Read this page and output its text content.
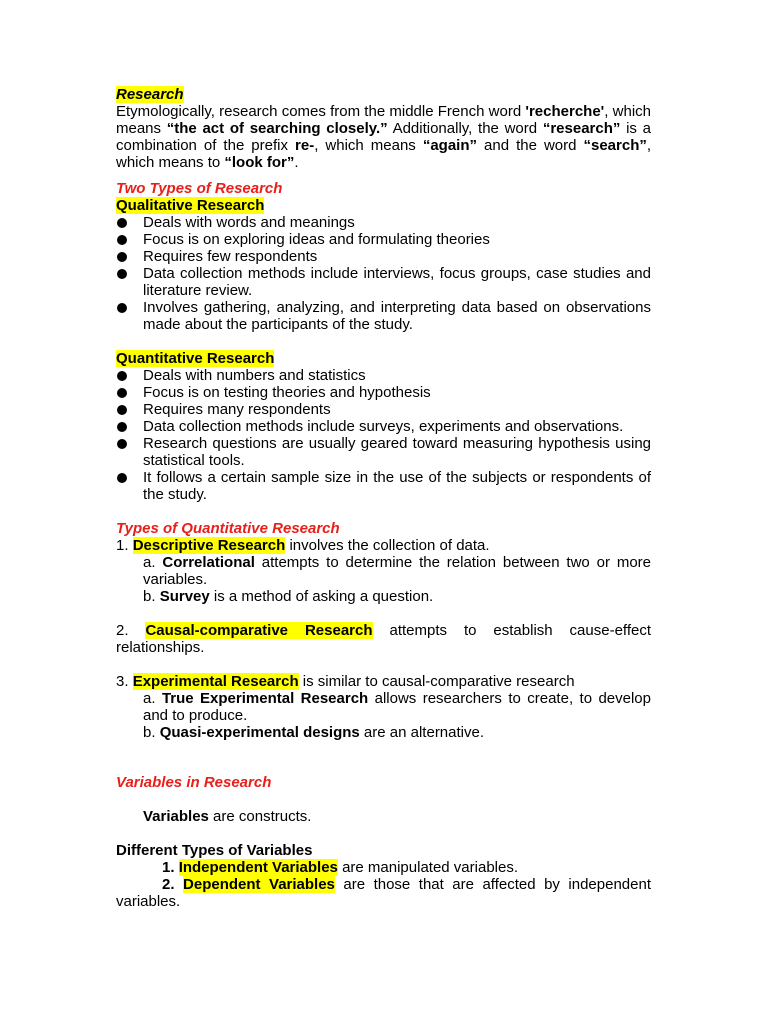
Research
Etymologically, research comes from the middle French word 'recherche', which means “the act of searching closely.” Additionally, the word “research” is a combination of the prefix re-, which means “again” and the word “search”, which means to “look for”.
Two Types of Research
Qualitative Research
Deals with words and meanings
Focus is on exploring ideas and formulating theories
Requires few respondents
Data collection methods include interviews, focus groups, case studies and literature review.
Involves gathering, analyzing, and interpreting data based on observations made about the participants of the study.
Quantitative Research
Deals with numbers and statistics
Focus is on testing theories and hypothesis
Requires many respondents
Data collection methods include surveys, experiments and observations.
Research questions are usually geared toward measuring hypothesis using statistical tools.
It follows a certain sample size in the use of the subjects or respondents of the study.
Types of Quantitative Research
1. Descriptive Research involves the collection of data.
a. Correlational attempts to determine the relation between two or more variables.
b. Survey is a method of asking a question.
2. Causal-comparative Research attempts to establish cause-effect relationships.
3. Experimental Research is similar to causal-comparative research
a. True Experimental Research allows researchers to create, to develop and to produce.
b. Quasi-experimental designs are an alternative.
Variables in Research
Variables are constructs.
Different Types of Variables
1. Independent Variables are manipulated variables.
2. Dependent Variables are those that are affected by independent variables.
